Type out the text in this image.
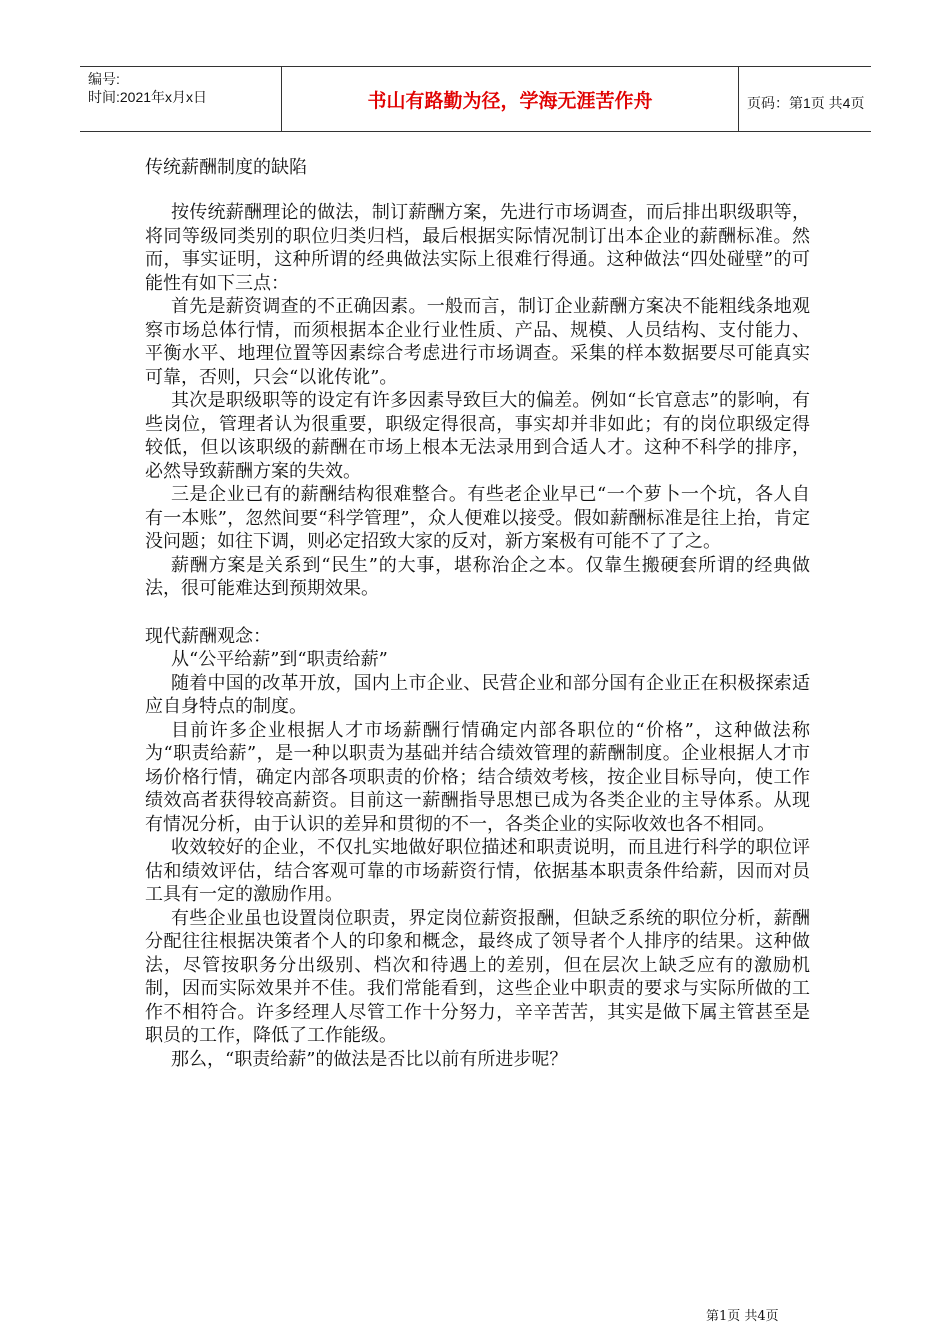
编号:
时间:2021年x月x日	书山有路勤为径，学海无涯苦作舟	页码：第1页 共4页
传统薪酬制度的缺陷

按传统薪酬理论的做法，制订薪酬方案，先进行市场调查，而后排出职级职等，将同等级同类别的职位归类归档，最后根据实际情况制订出本企业的薪酬标准。然而，事实证明，这种所谓的经典做法实际上很难行得通。这种做法“四处碰壁”的可能性有如下三点：

首先是薪资调查的不正确因素。一般而言，制订企业薪酬方案决不能粗线条地观察市场总体行情，而须根据本企业行业性质、产品、规模、人员结构、支付能力、平衡水平、地理位置等因素综合考虑进行市场调查。采集的样本数据要尽可能真实可靠，否则，只会“以讹传讹”。

其次是职级职等的设定有许多因素导致巨大的偏差。例如“长官意志”的影响，有些岗位，管理者认为很重要，职级定得很高，事实却并非如此；有的岗位职级定得较低，但以该职级的薪酬在市场上根本无法录用到合适人才。这种不科学的排序，必然导致薪酬方案的失效。

三是企业已有的薪酬结构很难整合。有些老企业早已“一个萝卜一个坑，各人自有一本账”，忽然间要“科学管理”，众人便难以接受。假如薪酬标准是往上抬，肯定没问题；如往下调，则必定招致大家的反对，新方案极有可能不了了之。

薪酬方案是关系到“民生”的大事，堪称治企之本。仅靠生搬硬套所谓的经典做法，很可能难达到预期效果。

现代薪酬观念：

从“公平给薪”到“职责给薪”

随着中国的改革开放，国内上市企业、民营企业和部分国有企业正在积极探索适应自身特点的制度。

目前许多企业根据人才市场薪酬行情确定内部各职位的“价格”，这种做法称为“职责给薪”，是一种以职责为基础并结合绩效管理的薪酬制度。企业根据人才市场价格行情，确定内部各项职责的价格；结合绩效考核，按企业目标导向，使工作绩效高者获得较高薪资。目前这一薪酬指导思想已成为各类企业的主导体系。从现有情况分析，由于认识的差异和贯彻的不一，各类企业的实际收效也各不相同。

收效较好的企业，不仅扎实地做好职位描述和职责说明，而且进行科学的职位评估和绩效评估，结合客观可靠的市场薪资行情，依据基本职责条件给薪，因而对员工具有一定的激励作用。

有些企业虽也设置岗位职责，界定岗位薪资报酬，但缺乏系统的职位分析，薪酬分配往往根据决策者个人的印象和概念，最终成了领导者个人排序的结果。这种做法，尽管按职务分出级别、档次和待遇上的差别，但在层次上缺乏应有的激励机制，因而实际效果并不佳。我们常能看到，这些企业中职责的要求与实际所做的工作不相符合。许多经理人尽管工作十分努力，辛辛苦苦，其实是做下属主管甚至是职员的工作，降低了工作能级。

那么，“职责给薪”的做法是否比以前有所进步呢？

第1页 共4页
